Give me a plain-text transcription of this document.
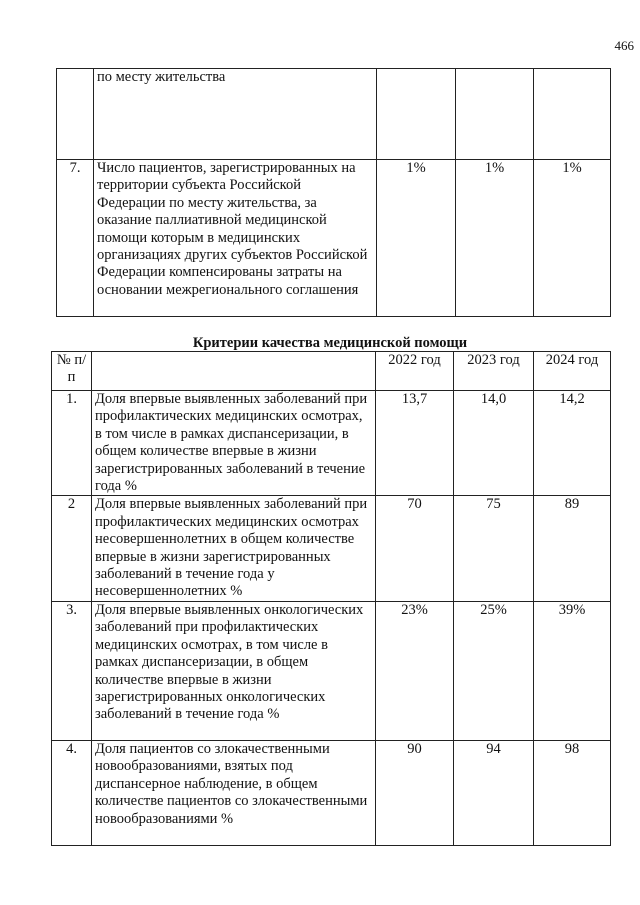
466
	по месту жительства			
7.	Число пациентов, зарегистрированных на территории субъекта Российской Федерации по месту жительства, за оказание паллиативной медицинской помощи которым в медицинских организациях других субъектов Российской Федерации компенсированы затраты на основании межрегионального соглашения	1%	1%	1%
Критерии качества медицинской помощи
№ п/п		2022 год	2023 год	2024 год
1.	Доля впервые выявленных заболеваний при профилактических медицинских осмотрах, в том числе в рамках диспансеризации, в общем количестве впервые в жизни зарегистрированных заболеваний в течение года %	13,7	14,0	14,2
2	Доля впервые выявленных заболеваний при профилактических медицинских осмотрах несовершеннолетних в общем количестве впервые в жизни зарегистрированных заболеваний в течение года у несовершеннолетних %	70	75	89
3.	Доля впервые выявленных онкологических заболеваний при профилактических медицинских осмотрах, в том числе в рамках диспансеризации, в общем количестве впервые в жизни зарегистрированных онкологических заболеваний в течение года %	23%	25%	39%
4.	Доля пациентов со злокачественными новообразованиями, взятых под диспансерное наблюдение, в общем количестве пациентов со злокачественными новообразованиями %	90	94	98
